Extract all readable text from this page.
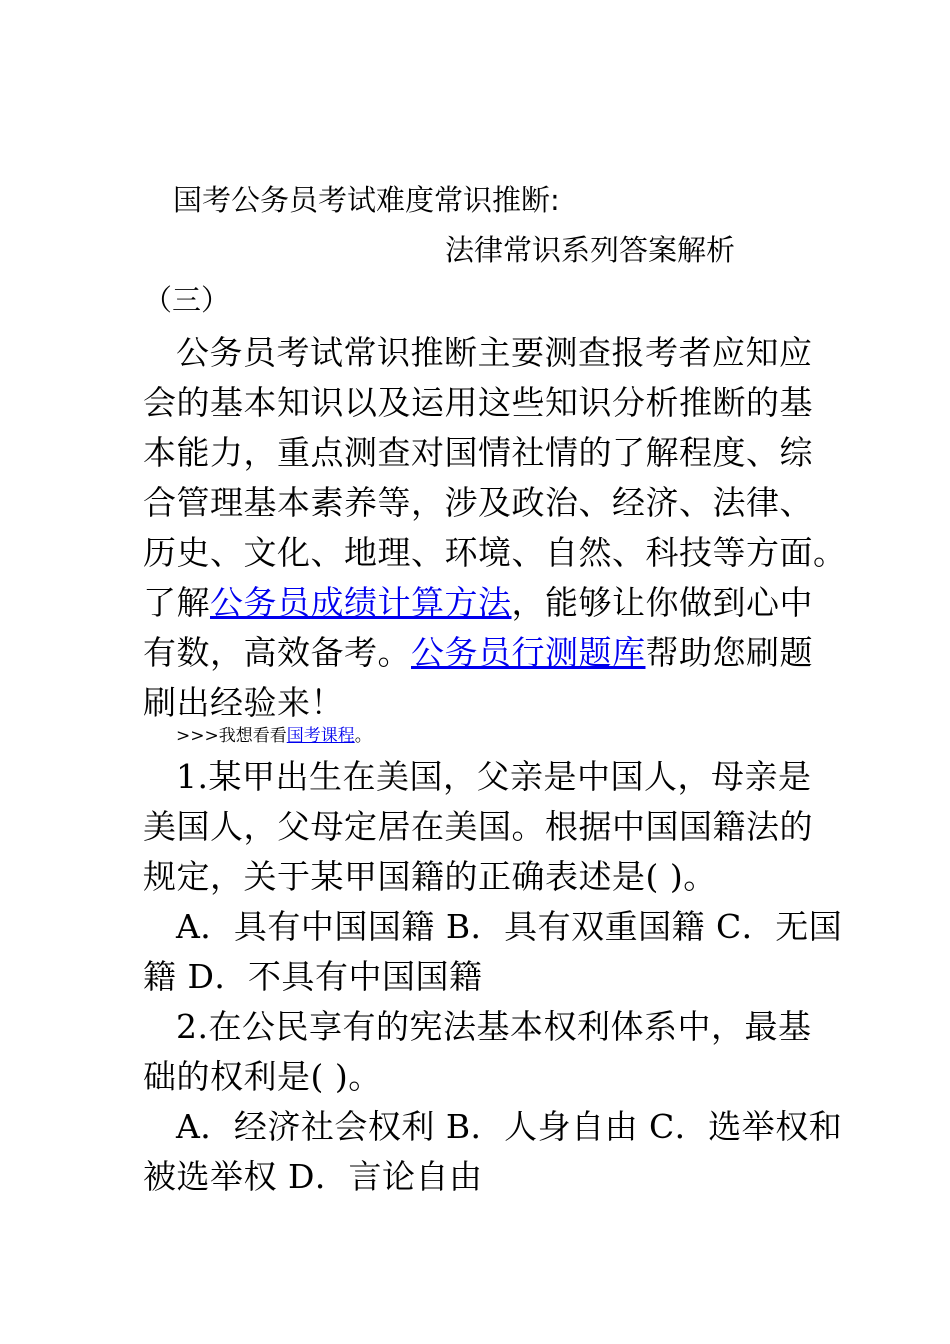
国考公务员考试难度常识推断:
法律常识系列答案解析
（三）
公务员考试常识推断主要测查报考者应知应
会的基本知识以及运用这些知识分析推断的基
本能力，重点测查对国情社情的了解程度、综
合管理基本素养等，涉及政治、经济、法律、
历史、文化、地理、环境、自然、科技等方面。
了解公务员成绩计算方法，能够让你做到心中
有数，高效备考。公务员行测题库帮助您刷题
刷出经验来！
>>>我想看看国考课程。
1.某甲出生在美国，父亲是中国人，母亲是
美国人，父母定居在美国。根据中国国籍法的
规定，关于某甲国籍的正确表述是( )。
A．具有中国国籍 B．具有双重国籍 C．无国
籍 D．不具有中国国籍
2.在公民享有的宪法基本权利体系中，最基
础的权利是( )。
A．经济社会权利 B．人身自由 C．选举权和
被选举权 D．言论自由
